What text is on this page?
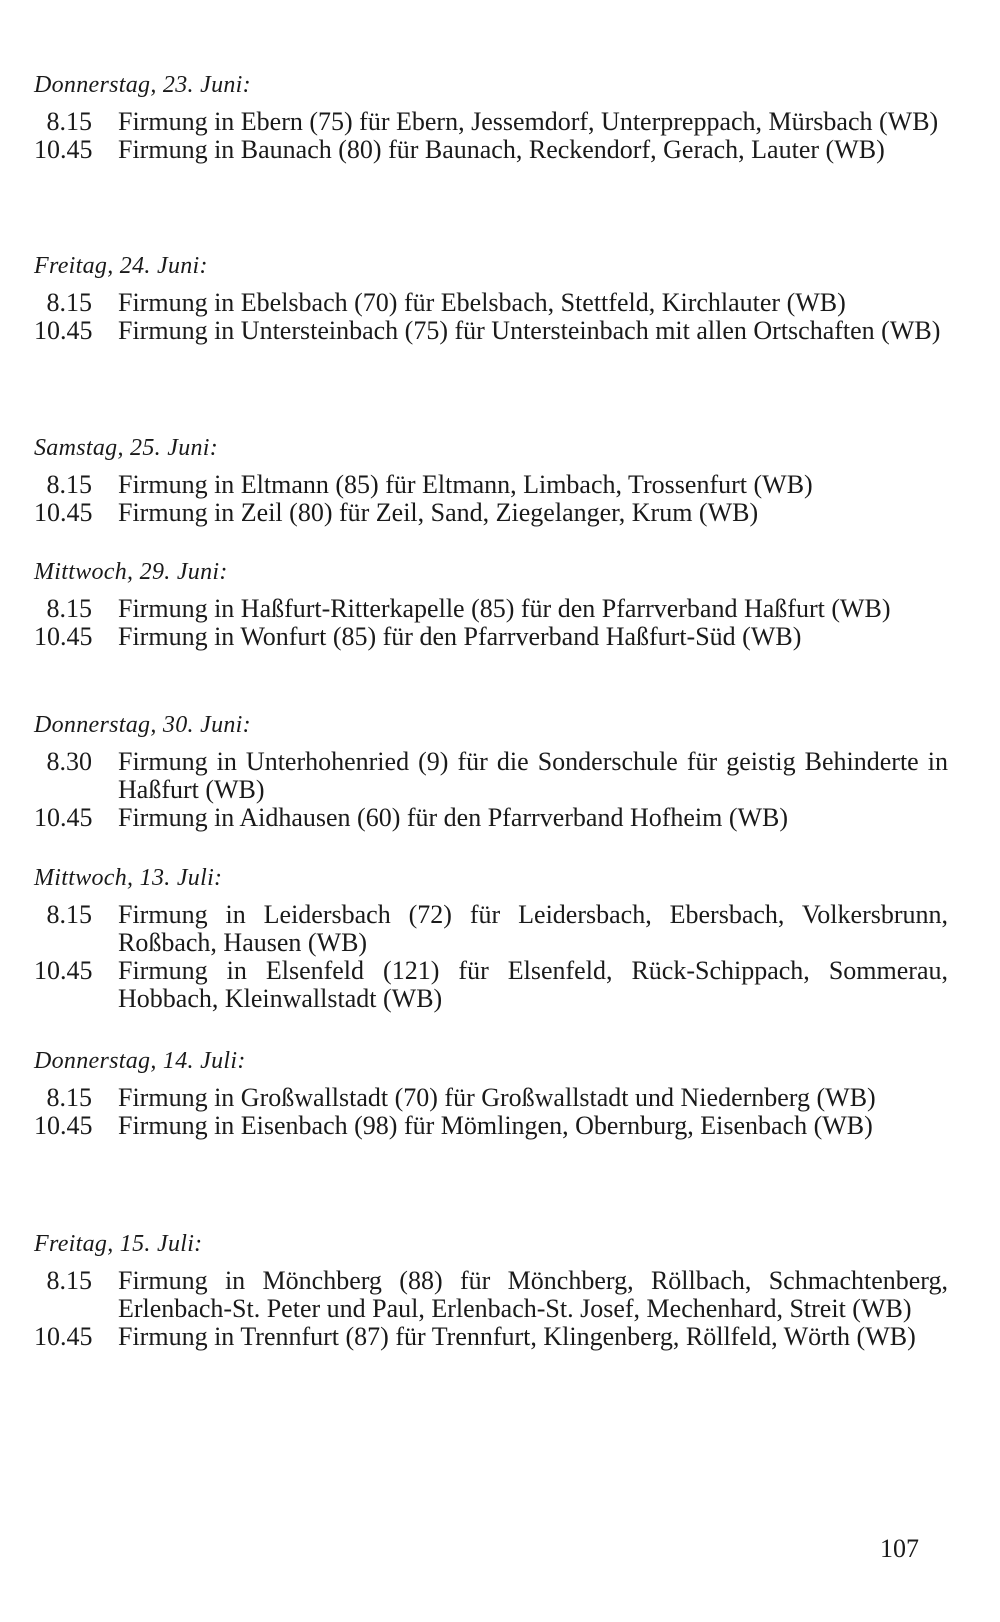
Donnerstag, 23. Juni:
8.15 Firmung in Ebern (75) für Ebern, Jessemdorf, Unterpreppach, Mürsbach (WB)
10.45 Firmung in Baunach (80) für Baunach, Reckendorf, Gerach, Lauter (WB)
Freitag, 24. Juni:
8.15 Firmung in Ebelsbach (70) für Ebelsbach, Stettfeld, Kirchlauter (WB)
10.45 Firmung in Untersteinbach (75) für Untersteinbach mit allen Ortschaften (WB)
Samstag, 25. Juni:
8.15 Firmung in Eltmann (85) für Eltmann, Limbach, Trossenfurt (WB)
10.45 Firmung in Zeil (80) für Zeil, Sand, Ziegelanger, Krum (WB)
Mittwoch, 29. Juni:
8.15 Firmung in Haßfurt-Ritterkapelle (85) für den Pfarrverband Haßfurt (WB)
10.45 Firmung in Wonfurt (85) für den Pfarrverband Haßfurt-Süd (WB)
Donnerstag, 30. Juni:
8.30 Firmung in Unterhohenried (9) für die Sonderschule für geistig Behinderte in Haßfurt (WB)
10.45 Firmung in Aidhausen (60) für den Pfarrverband Hofheim (WB)
Mittwoch, 13. Juli:
8.15 Firmung in Leidersbach (72) für Leidersbach, Ebersbach, Volkersbrunn, Roßbach, Hausen (WB)
10.45 Firmung in Elsenfeld (121) für Elsenfeld, Rück-Schippach, Sommerau, Hobbach, Kleinwallstadt (WB)
Donnerstag, 14. Juli:
8.15 Firmung in Großwallstadt (70) für Großwallstadt und Niedernberg (WB)
10.45 Firmung in Eisenbach (98) für Mömlingen, Obernburg, Eisenbach (WB)
Freitag, 15. Juli:
8.15 Firmung in Mönchberg (88) für Mönchberg, Röllbach, Schmachtenberg, Erlenbach-St. Peter und Paul, Erlenbach-St. Josef, Mechenhard, Streit (WB)
10.45 Firmung in Trennfurt (87) für Trennfurt, Klingenberg, Röllfeld, Wörth (WB)
107
